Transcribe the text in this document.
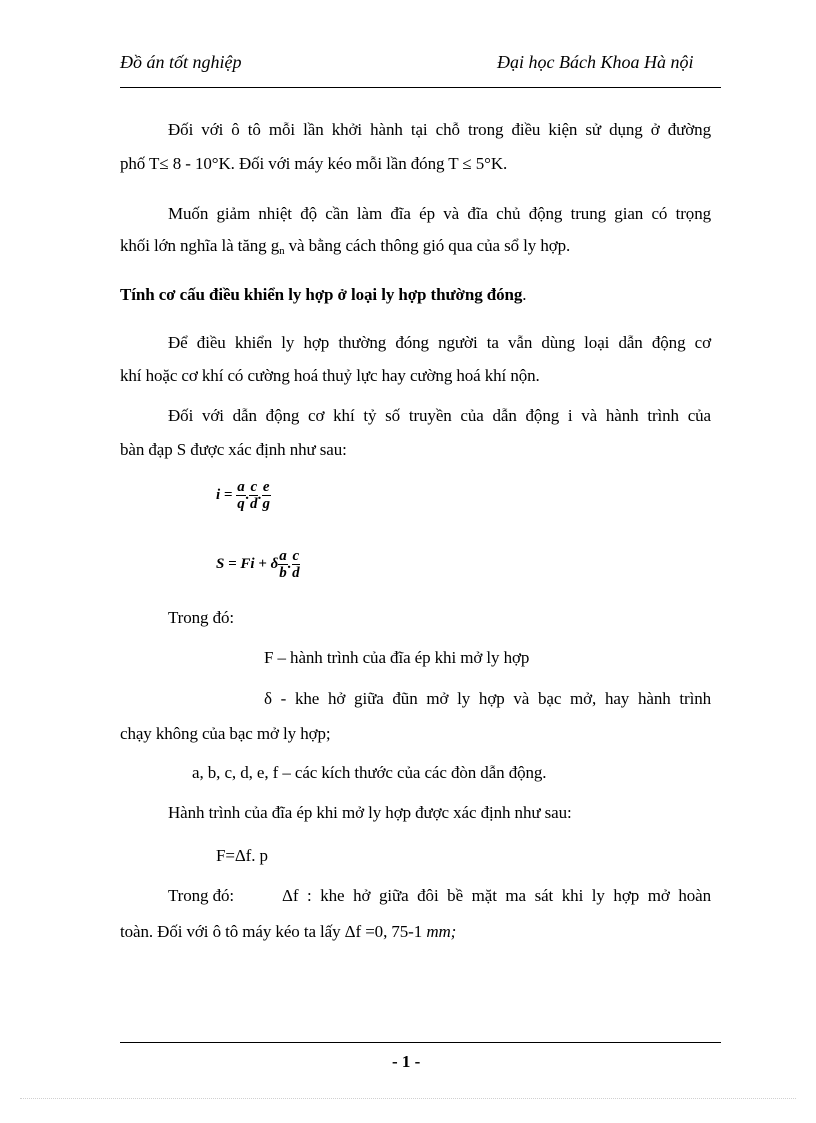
Đồ án tốt nghiệp	Đại học Bách Khoa Hà nội
Đối với ô tô mỗi lần khởi hành tại chỗ trong điều kiện sử dụng ở đường
phố T≤ 8 - 10°K. Đối với máy kéo mỗi lần đóng T ≤ 5°K.
Muốn giảm nhiệt độ cần làm đĩa ép và đĩa chủ động trung gian có trọng
khối lớn nghĩa là tăng $g_n$ và bằng cách thông gió qua của sổ ly hợp.
Tính cơ cấu điều khiển ly hợp ở loại ly hợp thường đóng.
Để điều khiển ly hợp thường đóng người ta vẫn dùng loại dẫn động cơ
khí hoặc cơ khí có cường hoá thuỷ lực hay cường hoá khí nộn.
Đối với dẫn động cơ khí tỷ số truyền của dẫn động i và hành trình của
bàn đạp S được xác định như sau:
$i = \frac{a}{q}$ . $\frac{c}{d}$ . $\frac{e}{g}$
S = Fi + δ $\frac{a}{b}$ . $\frac{c}{d}$
Trong đó:
F – hành trình của đĩa ép khi mở ly hợp
δ - khe hở giữa đũn mở ly hợp và bạc mở, hay hành trình
chạy không của bạc mở ly hợp;
a, b, c, d, e, f – các kích thước của các đòn dẫn động.
Hành trình của đĩa ép khi mở ly hợp được xác định như sau:
F=Δf. p
Trong đó:	Δf : khe hở giữa đôi bề mặt ma sát khi ly hợp mở hoàn
toàn. Đối với ô tô máy kéo ta lấy Δf =0, 75-1 mm;
- 1 -
